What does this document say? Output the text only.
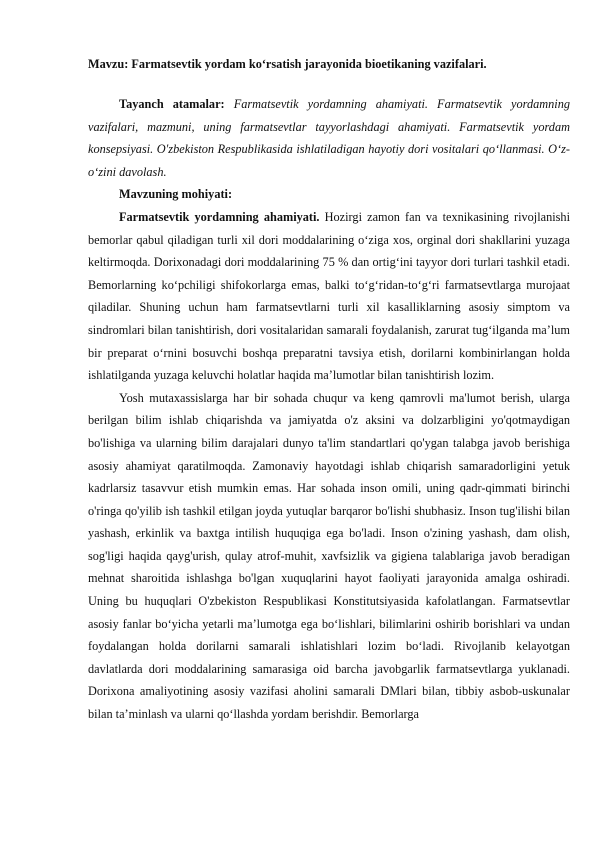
Mavzu: Farmatsevtik yordam ko‘rsatish jarayonida bioetikaning vazifalari.

Tayanch atamalar: Farmatsevtik yordamning ahamiyati. Farmatsevtik yordamning vazifalari, mazmuni, uning farmatsevtlar tayyorlashdagi ahamiyati. Farmatsevtik yordam konsepsiyasi. O'zbekiston Respublikasida ishlatiladigan hayotiy dori vositalari qo‘llanmasi. O‘z-o‘zini davolash.

Mavzuning mohiyati:

Farmatsevtik yordamning ahamiyati. Hozirgi zamon fan va texnikasining rivojlanishi bemorlar qabul qiladigan turli xil dori moddalarining o‘ziga xos, orginal dori shakllarini yuzaga keltirmoqda. Dorixonadagi dori moddalarining 75 % dan ortig‘ini tayyor dori turlari tashkil etadi. Bemorlarning ko‘pchiligi shifokorlarga emas, balki to‘g‘ridan-to‘g‘ri farmatsevtlarga murojaat qiladilar. Shuning uchun ham farmatsevtlarni turli xil kasalliklarning asosiy simptom va sindromlari bilan tanishtirish, dori vositalaridan samarali foydalanish, zarurat tug‘ilganda ma’lum bir preparat o‘rnini bosuvchi boshqa preparatni tavsiya etish, dorilarni kombinirlangan holda ishlatilganda yuzaga keluvchi holatlar haqida ma’lumotlar bilan tanishtirish lozim.

Yosh mutaxassislarga har bir sohada chuqur va keng qamrovli ma'lumot berish, ularga berilgan bilim ishlab chiqarishda va jamiyatda o'z aksini va dolzarbligini yo'qotmaydigan bo'lishiga va ularning bilim darajalari dunyo ta'lim standartlari qo'ygan talabga javob berishiga asosiy ahamiyat qaratilmoqda. Zamonaviy hayotdagi ishlab chiqarish samaradorligini yetuk kadrlarsiz tasavvur etish mumkin emas. Har sohada inson omili, uning qadr-qimmati birinchi o'ringa qo'yilib ish tashkil etilgan joyda yutuqlar barqaror bo'lishi shubhasiz. Inson tug'ilishi bilan yashash, erkinlik va baxtga intilish huquqiga ega bo'ladi. Inson o'zining yashash, dam olish, sog'ligi haqida qayg'urish, qulay atrof-muhit, xavfsizlik va gigiena talablariga javob beradigan mehnat sharoitida ishlashga bo'lgan xuquqlarini hayot faoliyati jarayonida amalga oshiradi. Uning bu huquqlari O'zbekiston Respublikasi Konstitutsiyasida kafolatlangan. Farmatsevtlar asosiy fanlar bo‘yicha yetarli ma’lumotga ega bo‘lishlari, bilimlarini oshirib borishlari va undan foydalangan holda dorilarni samarali ishlatishlari lozim bo‘ladi. Rivojlanib kelayotgan davlatlarda dori moddalarining samarasiga oid barcha javobgarlik farmatsevtlarga yuklanadi. Dorixona amaliyotining asosiy vazifasi aholini samarali DMlari bilan, tibbiy asbob-uskunalar bilan ta’minlash va ularni qo‘llashda yordam berishdir. Bemorlarga
